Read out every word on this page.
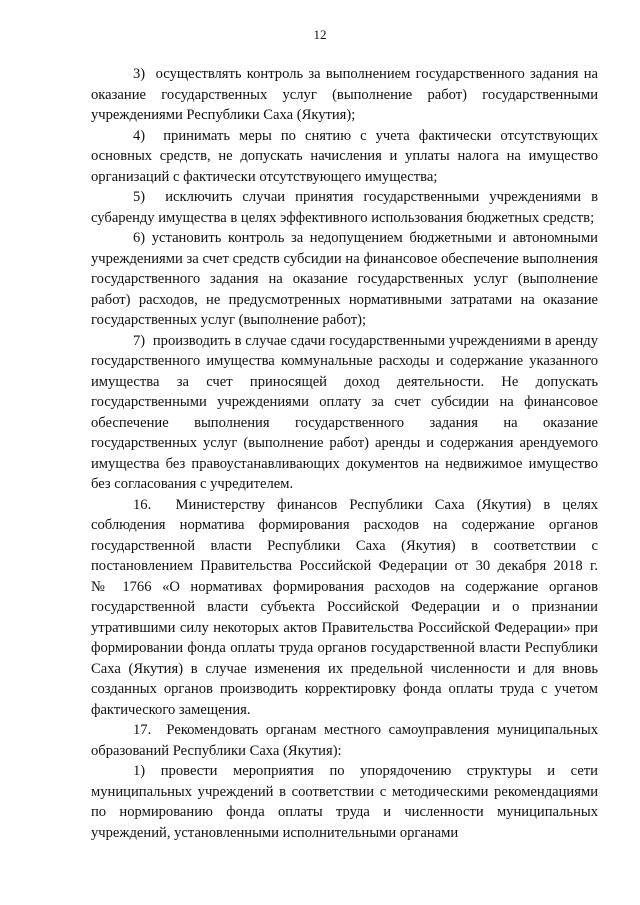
12

3)  осуществлять контроль за выполнением государственного задания на оказание государственных услуг (выполнение работ) государственными учреждениями Республики Саха (Якутия);

4)  принимать меры по снятию с учета фактически отсутствующих основных средств, не допускать начисления и уплаты налога на имущество организаций с фактически отсутствующего имущества;

5)  исключить случаи принятия государственными учреждениями в субаренду имущества в целях эффективного использования бюджетных средств;

6) установить контроль за недопущением бюджетными и автономными учреждениями за счет средств субсидии на финансовое обеспечение выполнения государственного задания на оказание государственных услуг (выполнение работ) расходов, не предусмотренных нормативными затратами на оказание государственных услуг (выполнение работ);

7)  производить в случае сдачи государственными учреждениями в аренду государственного имущества коммунальные расходы и содержание указанного имущества за счет приносящей доход деятельности. Не допускать государственными учреждениями оплату за счет субсидии на финансовое обеспечение выполнения государственного задания на оказание государственных услуг (выполнение работ) аренды и содержания арендуемого имущества без правоустанавливающих документов на недвижимое имущество без согласования с учредителем.

16.  Министерству финансов Республики Саха (Якутия) в целях соблюдения норматива формирования расходов на содержание органов государственной власти Республики Саха (Якутия) в соответствии с постановлением Правительства Российской Федерации от 30 декабря 2018 г. № 1766 «О нормативах формирования расходов на содержание органов государственной власти субъекта Российской Федерации и о признании утратившими силу некоторых актов Правительства Российской Федерации» при формировании фонда оплаты труда органов государственной власти Республики Саха (Якутия) в случае изменения их предельной численности и для вновь созданных органов производить корректировку фонда оплаты труда с учетом фактического замещения.

17.  Рекомендовать органам местного самоуправления муниципальных образований Республики Саха (Якутия):

1) провести мероприятия по упорядочению структуры и сети муниципальных учреждений в соответствии с методическими рекомендациями по нормированию фонда оплаты труда и численности муниципальных учреждений, установленными исполнительными органами
